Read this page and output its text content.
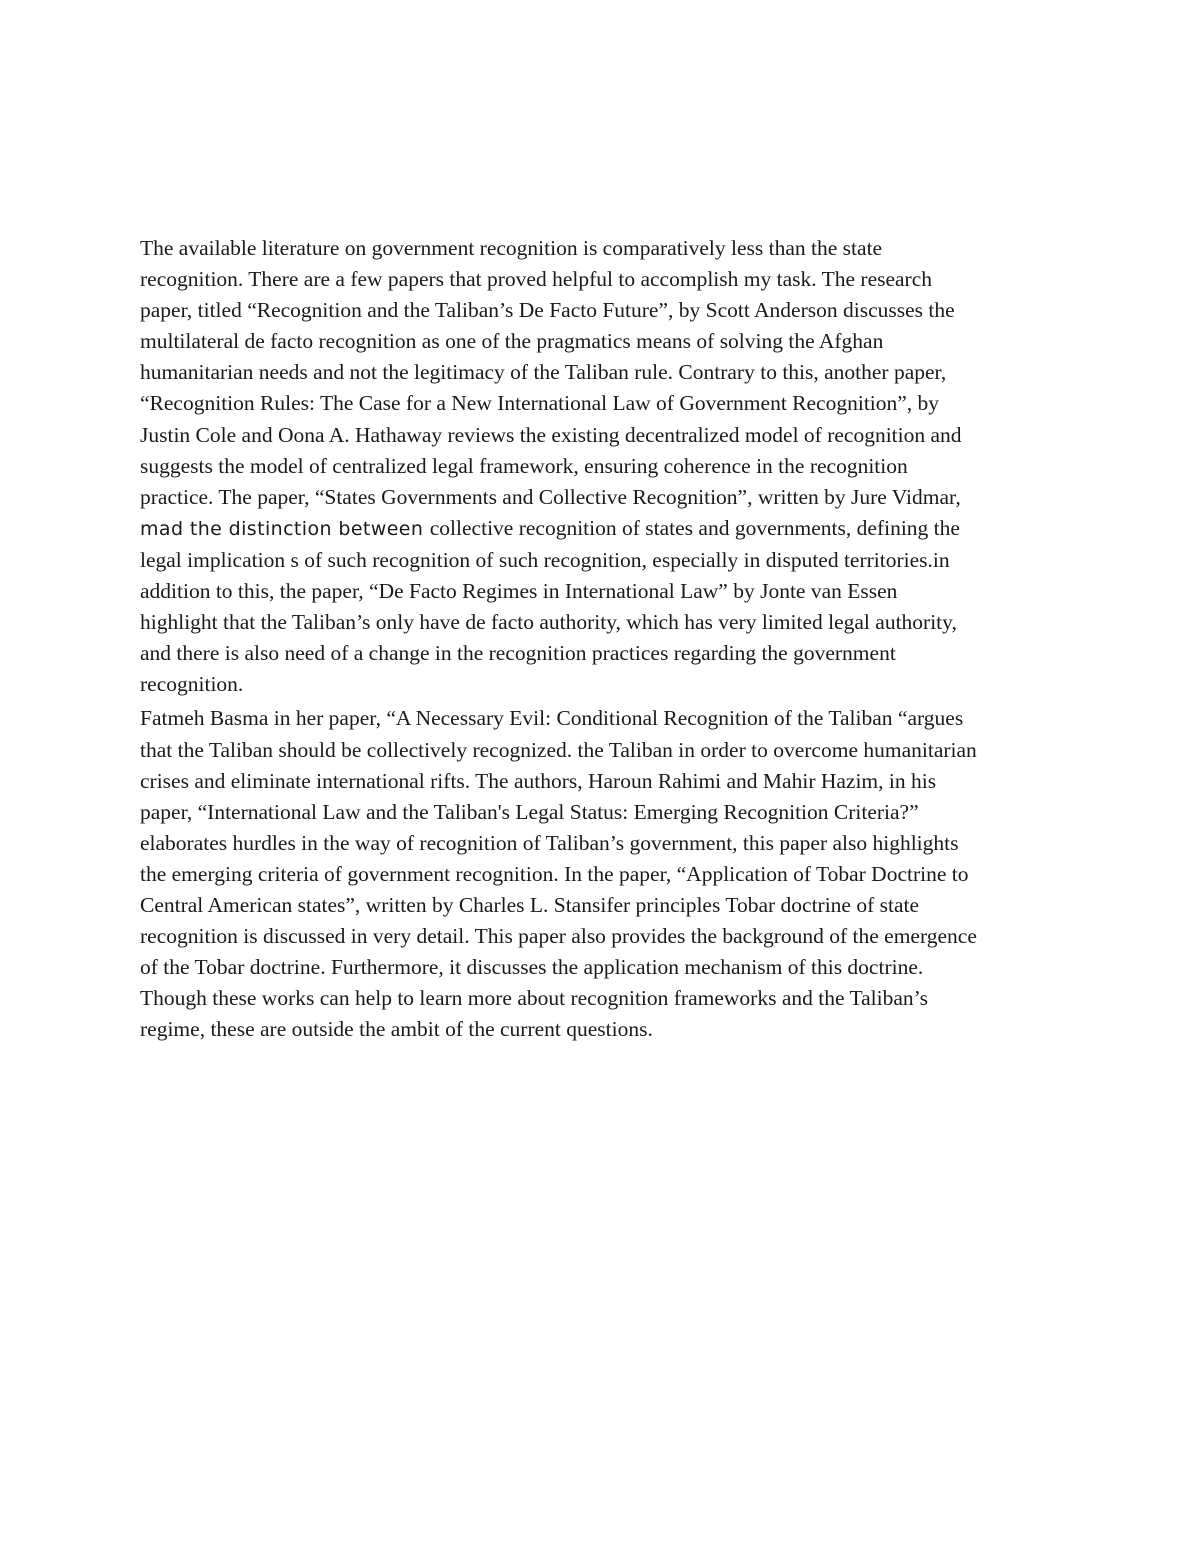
The available literature on government recognition is comparatively less than the state
recognition. There are a few papers that proved helpful to accomplish my task. The research
paper, titled “Recognition and the Taliban’s De Facto Future”, by Scott Anderson discusses the
multilateral de facto recognition as one of the pragmatics means of solving the Afghan
humanitarian needs and not the legitimacy of the Taliban rule. Contrary to this, another paper,
“Recognition Rules: The Case for a New International Law of Government Recognition”, by
Justin Cole and Oona A. Hathaway reviews the existing decentralized model of recognition and
suggests the model of centralized legal framework, ensuring coherence in the recognition
practice. The paper, “States Governments and Collective Recognition”, written by Jure Vidmar,
mad the distinction between collective recognition of states and governments, defining the
legal implication s of such recognition of such recognition, especially in disputed territories.in
addition to this, the paper, “De Facto Regimes in International Law” by Jonte van Essen
highlight that the Taliban’s only have de facto authority, which has very limited legal authority,
and there is also need of a change in the recognition practices regarding the government
recognition.
Fatmeh Basma in her paper, “A Necessary Evil: Conditional Recognition of the Taliban “argues
that the Taliban should be collectively recognized. the Taliban in order to overcome humanitarian
crises and eliminate international rifts. The authors, Haroun Rahimi and Mahir Hazim, in his
paper, “International Law and the Taliban's Legal Status: Emerging Recognition Criteria?”
elaborates hurdles in the way of recognition of Taliban’s government, this paper also highlights
the emerging criteria of government recognition. In the paper, “Application of Tobar Doctrine to
Central American states”, written by Charles L. Stansifer principles Tobar doctrine of state
recognition is discussed in very detail. This paper also provides the background of the emergence
of the Tobar doctrine. Furthermore, it discusses the application mechanism of this doctrine.
Though these works can help to learn more about recognition frameworks and the Taliban’s
regime, these are outside the ambit of the current questions.
